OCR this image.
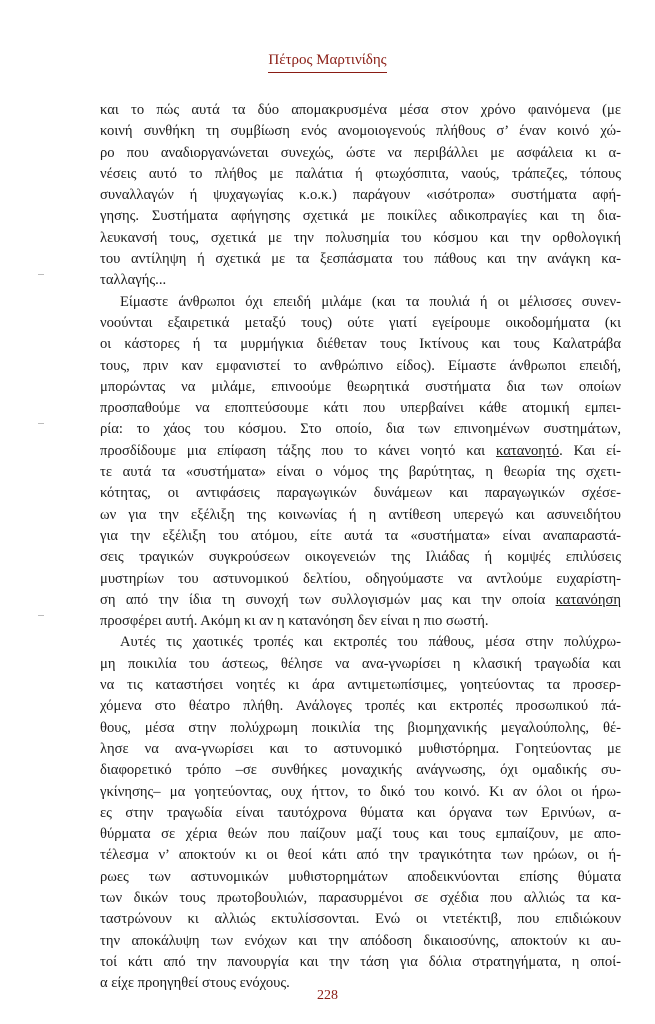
Πέτρος Μαρτινίδης
και το πώς αυτά τα δύο απομακρυσμένα μέσα στον χρόνο φαινόμενα (με
κοινή συνθήκη τη συμβίωση ενός ανομοιογενούς πλήθους σ’ έναν κοινό χώ-
ρο που αναδιοργανώνεται συνεχώς, ώστε να περιβάλλει με ασφάλεια κι α-
νέσεις αυτό το πλήθος με παλάτια ή φτωχόσπιτα, ναούς, τράπεζες, τόπους
συναλλαγών ή ψυχαγωγίας κ.ο.κ.) παράγουν «ισότροπα» συστήματα αφή-
γησης. Συστήματα αφήγησης σχετικά με ποικίλες αδικοπραγίες και τη δια-
λευκανσή τους, σχετικά με την πολυσημία του κόσμου και την ορθολογική
του αντίληψη ή σχετικά με τα ξεσπάσματα του πάθους και την ανάγκη κα-
ταλλαγής...
Είμαστε άνθρωποι όχι επειδή μιλάμε (και τα πουλιά ή οι μέλισσες συνεν-
νοούνται εξαιρετικά μεταξύ τους) ούτε γιατί εγείρουμε οικοδομήματα (κι
οι κάστορες ή τα μυρμήγκια διέθεταν τους Ικτίνους και τους Καλατράβα
τους, πριν καν εμφανιστεί το ανθρώπινο είδος). Είμαστε άνθρωποι επειδή,
μπορώντας να μιλάμε, επινοούμε θεωρητικά συστήματα δια των οποίων
προσπαθούμε να εποπτεύσουμε κάτι που υπερβαίνει κάθε ατομική εμπει-
ρία: το χάος του κόσμου. Στο οποίο, δια των επινοημένων συστημάτων,
προσδίδουμε μια επίφαση τάξης που το κάνει νοητό και κατανοητό. Και εί-
τε αυτά τα «συστήματα» είναι ο νόμος της βαρύτητας, η θεωρία της σχετι-
κότητας, οι αντιφάσεις παραγωγικών δυνάμεων και παραγωγικών σχέσε-
ων για την εξέλιξη της κοινωνίας ή η αντίθεση υπερεγώ και ασυνειδήτου
για την εξέλιξη του ατόμου, είτε αυτά τα «συστήματα» είναι αναπαραστά-
σεις τραγικών συγκρούσεων οικογενειών της Ιλιάδας ή κομψές επιλύσεις
μυστηρίων του αστυνομικού δελτίου, οδηγούμαστε να αντλούμε ευχαρίστη-
ση από την ίδια τη συνοχή των συλλογισμών μας και την οποία κατανόηση
προσφέρει αυτή. Ακόμη κι αν η κατανόηση δεν είναι η πιο σωστή.
Αυτές τις χαοτικές τροπές και εκτροπές του πάθους, μέσα στην πολύχρω-
μη ποικιλία του άστεως, θέλησε να ανα-γνωρίσει η κλασική τραγωδία και
να τις καταστήσει νοητές κι άρα αντιμετωπίσιμες, γοητεύοντας τα προσερ-
χόμενα στο θέατρο πλήθη. Ανάλογες τροπές και εκτροπές προσωπικού πά-
θους, μέσα στην πολύχρωμη ποικιλία της βιομηχανικής μεγαλούπολης, θέ-
λησε να ανα-γνωρίσει και το αστυνομικό μυθιστόρημα. Γοητεύοντας με
διαφορετικό τρόπο –σε συνθήκες μοναχικής ανάγνωσης, όχι ομαδικής συ-
γκίνησης– μα γοητεύοντας, ουχ ήττον, το δικό του κοινό. Κι αν όλοι οι ήρω-
ες στην τραγωδία είναι ταυτόχρονα θύματα και όργανα των Ερινύων, α-
θύρματα σε χέρια θεών που παίζουν μαζί τους και τους εμπαίζουν, με απο-
τέλεσμα ν’ αποκτούν κι οι θεοί κάτι από την τραγικότητα των ηρώων, οι ή-
ρωες των αστυνομικών μυθιστορημάτων αποδεικνύονται επίσης θύματα
των δικών τους πρωτοβουλιών, παρασυρμένοι σε σχέδια που αλλιώς τα κα-
ταστρώνουν κι αλλιώς εκτυλίσσονται. Ενώ οι ντετέκτιβ, που επιδιώκουν
την αποκάλυψη των ενόχων και την απόδοση δικαιοσύνης, αποκτούν κι αυ-
τοί κάτι από την πανουργία και την τάση για δόλια στρατηγήματα, η οποί-
α είχε προηγηθεί στους ενόχους.
228
